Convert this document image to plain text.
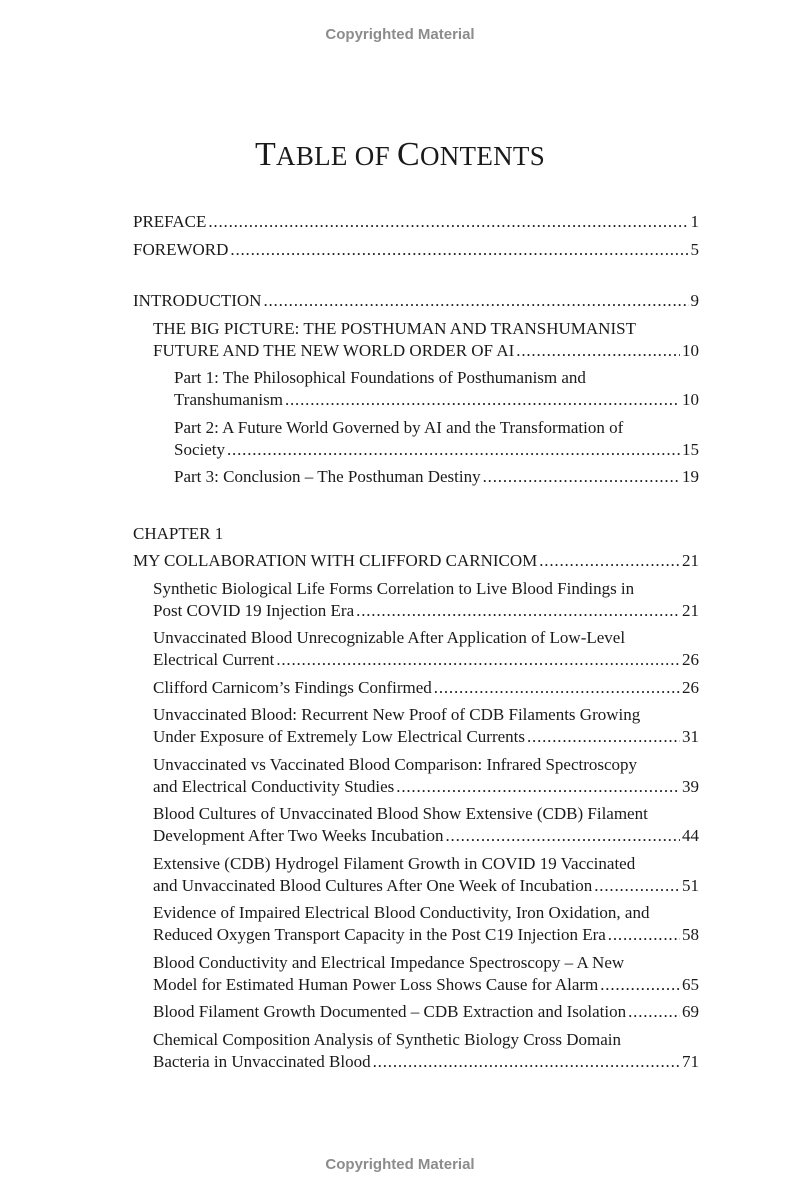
Copyrighted Material
TABLE OF CONTENTS
PREFACE .....	1
FOREWORD .....	5
INTRODUCTION .....	9
THE BIG PICTURE: THE POSTHUMAN AND TRANSHUMANIST
FUTURE AND THE NEW WORLD ORDER OF AI .....	10
Part 1: The Philosophical Foundations of Posthumanism and
Transhumanism .....	10
Part 2: A Future World Governed by AI and the Transformation of
Society .....	15
Part 3: Conclusion – The Posthuman Destiny .....	19
CHAPTER 1
MY COLLABORATION WITH CLIFFORD CARNICOM .....	21
Synthetic Biological Life Forms Correlation to Live Blood Findings in
Post COVID 19 Injection Era .....	21
Unvaccinated Blood Unrecognizable After Application of Low-Level
Electrical Current .....	26
Clifford Carnicom’s Findings Confirmed .....	26
Unvaccinated Blood: Recurrent New Proof of CDB Filaments Growing
Under Exposure of Extremely Low Electrical Currents .....	31
Unvaccinated vs Vaccinated Blood Comparison: Infrared Spectroscopy
and Electrical Conductivity Studies .....	39
Blood Cultures of Unvaccinated Blood Show Extensive (CDB) Filament
Development After Two Weeks Incubation .....	44
Extensive (CDB) Hydrogel Filament Growth in COVID 19 Vaccinated
and Unvaccinated Blood Cultures After One Week of Incubation .....	51
Evidence of Impaired Electrical Blood Conductivity, Iron Oxidation, and
Reduced Oxygen Transport Capacity in the Post C19 Injection Era .....	58
Blood Conductivity and Electrical Impedance Spectroscopy – A New
Model for Estimated Human Power Loss Shows Cause for Alarm .....	65
Blood Filament Growth Documented – CDB Extraction and Isolation .....	69
Chemical Composition Analysis of Synthetic Biology Cross Domain
Bacteria in Unvaccinated Blood .....	71
Copyrighted Material
